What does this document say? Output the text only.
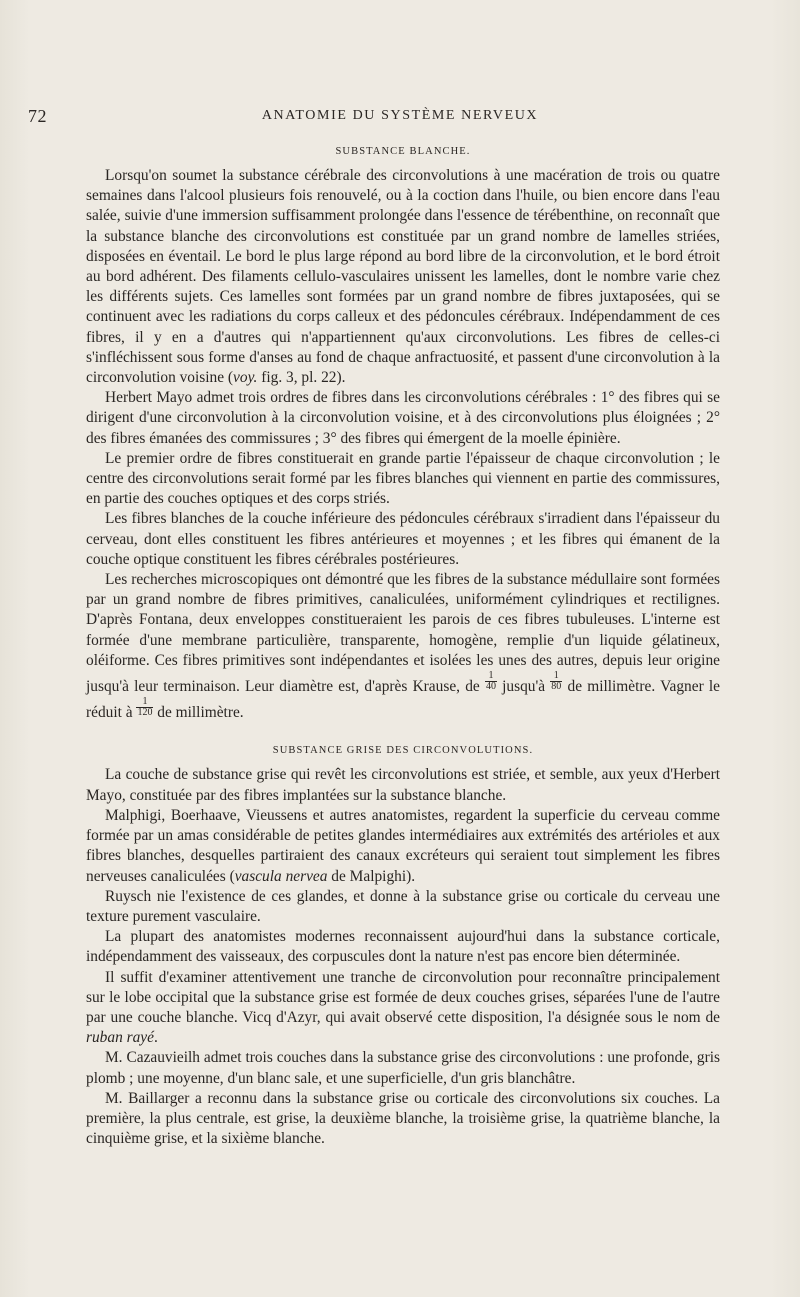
72	ANATOMIE DU SYSTÈME NERVEUX
SUBSTANCE BLANCHE.

Lorsqu'on soumet la substance cérébrale des circonvolutions à une macération de trois ou quatre semaines dans l'alcool plusieurs fois renouvelé, ou à la coction dans l'huile, ou bien encore dans l'eau salée, suivie d'une immersion suffisamment prolongée dans l'essence de térébenthine, on reconnaît que la substance blanche des circonvolutions est constituée par un grand nombre de lamelles striées, disposées en éventail. Le bord le plus large répond au bord libre de la circonvolution, et le bord étroit au bord adhérent. Des filaments cellulo-vasculaires unissent les lamelles, dont le nombre varie chez les différents sujets. Ces lamelles sont formées par un grand nombre de fibres juxtaposées, qui se continuent avec les radiations du corps calleux et des pédoncules cérébraux. Indépendamment de ces fibres, il y en a d'autres qui n'appartiennent qu'aux circonvolutions. Les fibres de celles-ci s'infléchissent sous forme d'anses au fond de chaque anfractuosité, et passent d'une circonvolution à la circonvolution voisine (voy. fig. 3, pl. 22).

Herbert Mayo admet trois ordres de fibres dans les circonvolutions cérébrales : 1° des fibres qui se dirigent d'une circonvolution à la circonvolution voisine, et à des circonvolutions plus éloignées ; 2° des fibres émanées des commissures ; 3° des fibres qui émergent de la moelle épinière.

Le premier ordre de fibres constituerait en grande partie l'épaisseur de chaque circonvolution ; le centre des circonvolutions serait formé par les fibres blanches qui viennent en partie des commissures, en partie des couches optiques et des corps striés.

Les fibres blanches de la couche inférieure des pédoncules cérébraux s'irradient dans l'épaisseur du cerveau, dont elles constituent les fibres antérieures et moyennes ; et les fibres qui émanent de la couche optique constituent les fibres cérébrales postérieures.

Les recherches microscopiques ont démontré que les fibres de la substance médullaire sont formées par un grand nombre de fibres primitives, canaliculées, uniformément cylindriques et rectilignes. D'après Fontana, deux enveloppes constitueraient les parois de ces fibres tubuleuses. L'interne est formée d'une membrane particulière, transparente, homogène, remplie d'un liquide gélatineux, oléiforme. Ces fibres primitives sont indépendantes et isolées les unes des autres, depuis leur origine jusqu'à leur terminaison. Leur diamètre est, d'après Krause, de $\frac{1}{40}$ jusqu'à $\frac{1}{80}$ de millimètre. Vagner le réduit à $\frac{1}{120}$ de millimètre.

SUBSTANCE GRISE DES CIRCONVOLUTIONS.

La couche de substance grise qui revêt les circonvolutions est striée, et semble, aux yeux d'Herbert Mayo, constituée par des fibres implantées sur la substance blanche.

Malphigi, Boerhaave, Vieussens et autres anatomistes, regardent la superficie du cerveau comme formée par un amas considérable de petites glandes intermédiaires aux extrémités des artérioles et aux fibres blanches, desquelles partiraient des canaux excréteurs qui seraient tout simplement les fibres nerveuses canaliculées (vascula nervea de Malpighi).

Ruysch nie l'existence de ces glandes, et donne à la substance grise ou corticale du cerveau une texture purement vasculaire.

La plupart des anatomistes modernes reconnaissent aujourd'hui dans la substance corticale, indépendamment des vaisseaux, des corpuscules dont la nature n'est pas encore bien déterminée.

Il suffit d'examiner attentivement une tranche de circonvolution pour reconnaître principalement sur le lobe occipital que la substance grise est formée de deux couches grises, séparées l'une de l'autre par une couche blanche. Vicq d'Azyr, qui avait observé cette disposition, l'a désignée sous le nom de ruban rayé.

M. Cazauvieilh admet trois couches dans la substance grise des circonvolutions : une profonde, gris plomb ; une moyenne, d'un blanc sale, et une superficielle, d'un gris blanchâtre.

M. Baillarger a reconnu dans la substance grise ou corticale des circonvolutions six couches. La première, la plus centrale, est grise, la deuxième blanche, la troisième grise, la quatrième blanche, la cinquième grise, et la sixième blanche.
